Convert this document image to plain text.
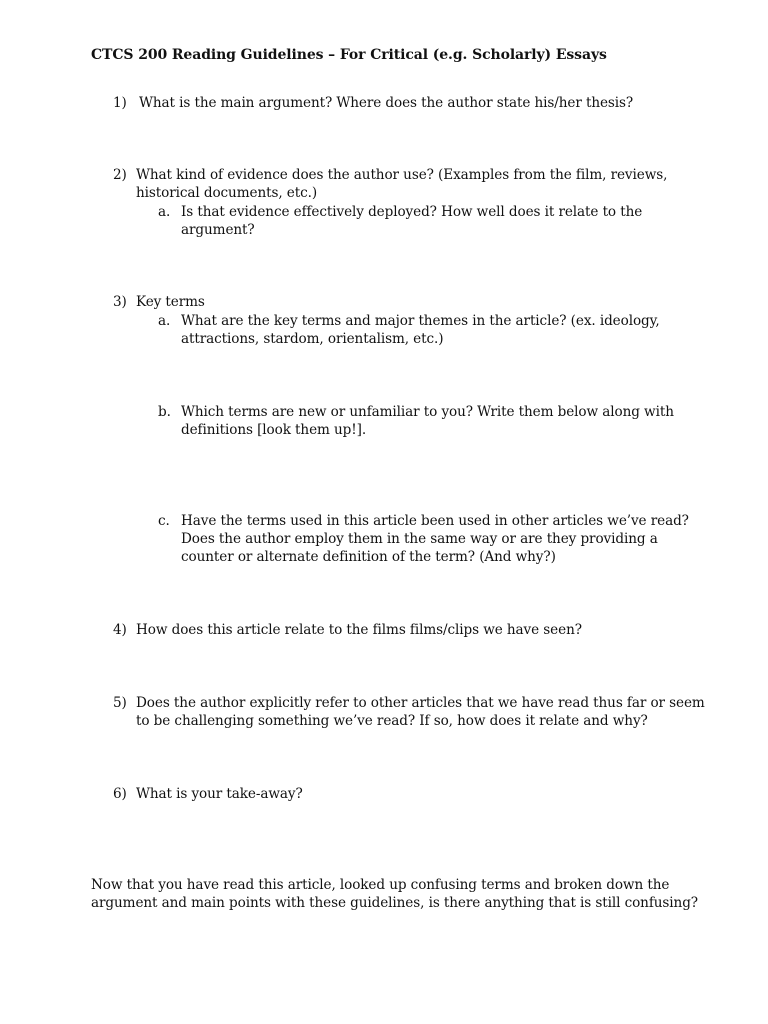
CTCS 200 Reading Guidelines – For Critical (e.g. Scholarly) Essays
1) What is the main argument? Where does the author state his/her thesis?
2) What kind of evidence does the author use? (Examples from the film, reviews,
historical documents, etc.)
a. Is that evidence effectively deployed? How well does it relate to the
argument?
3) Key terms
a. What are the key terms and major themes in the article? (ex. ideology,
attractions, stardom, orientalism, etc.)
b. Which terms are new or unfamiliar to you? Write them below along with
definitions [look them up!].
c. Have the terms used in this article been used in other articles we’ve read?
Does the author employ them in the same way or are they providing a
counter or alternate definition of the term? (And why?)
4) How does this article relate to the films films/clips we have seen?
5) Does the author explicitly refer to other articles that we have read thus far or seem
to be challenging something we’ve read? If so, how does it relate and why?
6) What is your take-away?
Now that you have read this article, looked up confusing terms and broken down the
argument and main points with these guidelines, is there anything that is still confusing?
